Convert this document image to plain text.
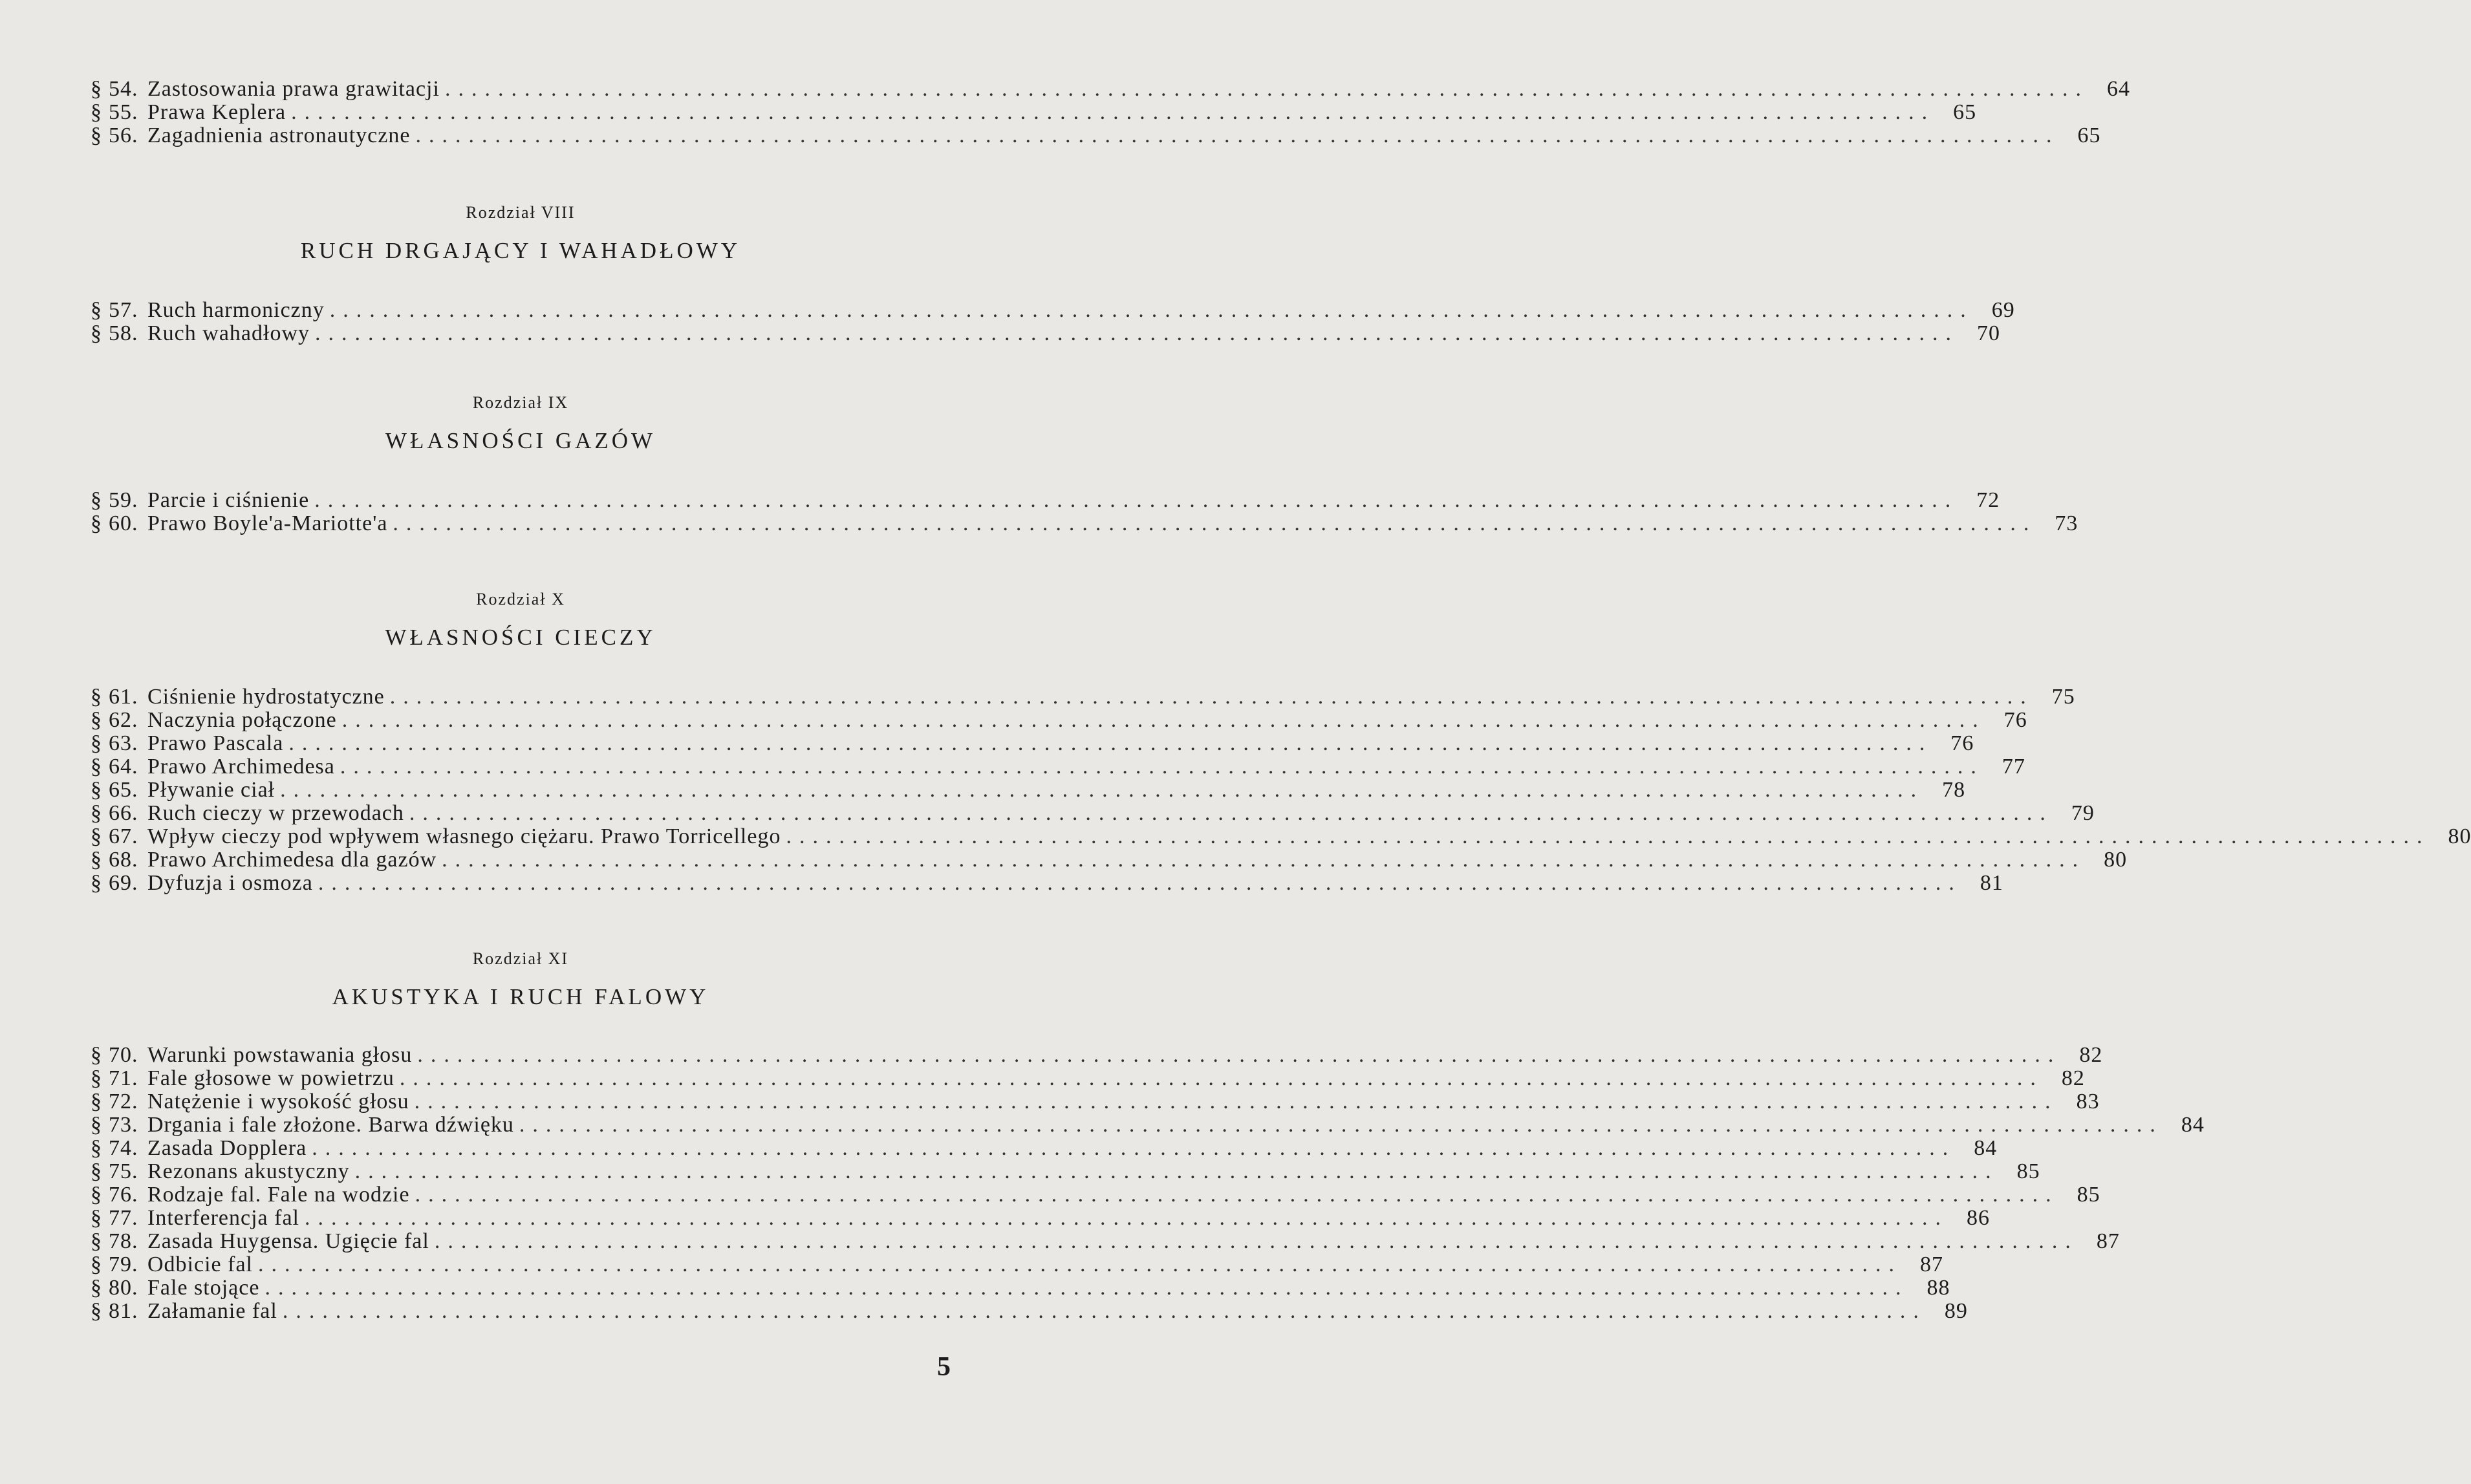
§ 54. Zastosowania prawa grawitacji ............................................................................................................................ 64
§ 55. Prawa Keplera ............................................................................................................................ 65
§ 56. Zagadnienia astronautyczne ............................................................................................................................ 65
Rozdział VIII
RUCH DRGAJĄCY I WAHADŁOWY
§ 57. Ruch harmoniczny ............................................................................................................................ 69
§ 58. Ruch wahadłowy ............................................................................................................................ 70
Rozdział IX
WŁASNOŚCI GAZÓW
§ 59. Parcie i ciśnienie ............................................................................................................................ 72
§ 60. Prawo Boyle'a-Mariotte'a ............................................................................................................................ 73
Rozdział X
WŁASNOŚCI CIECZY
§ 61. Ciśnienie hydrostatyczne ............................................................................................................................ 75
§ 62. Naczynia połączone ............................................................................................................................ 76
§ 63. Prawo Pascala ............................................................................................................................ 76
§ 64. Prawo Archimedesa ............................................................................................................................ 77
§ 65. Pływanie ciał ............................................................................................................................ 78
§ 66. Ruch cieczy w przewodach ............................................................................................................................ 79
§ 67. Wpływ cieczy pod wpływem własnego ciężaru. Prawo Torricellego ............................................................................................................................ 80
§ 68. Prawo Archimedesa dla gazów ............................................................................................................................ 80
§ 69. Dyfuzja i osmoza ............................................................................................................................ 81
Rozdział XI
AKUSTYKA I RUCH FALOWY
§ 70. Warunki powstawania głosu ............................................................................................................................ 82
§ 71. Fale głosowe w powietrzu ............................................................................................................................ 82
§ 72. Natężenie i wysokość głosu ............................................................................................................................ 83
§ 73. Drgania i fale złożone. Barwa dźwięku ............................................................................................................................ 84
§ 74. Zasada Dopplera ............................................................................................................................ 84
§ 75. Rezonans akustyczny ............................................................................................................................ 85
§ 76. Rodzaje fal. Fale na wodzie ............................................................................................................................ 85
§ 77. Interferencja fal ............................................................................................................................ 86
§ 78. Zasada Huygensa. Ugięcie fal ............................................................................................................................ 87
§ 79. Odbicie fal ............................................................................................................................ 87
§ 80. Fale stojące ............................................................................................................................ 88
§ 81. Załamanie fal ............................................................................................................................ 89
5
